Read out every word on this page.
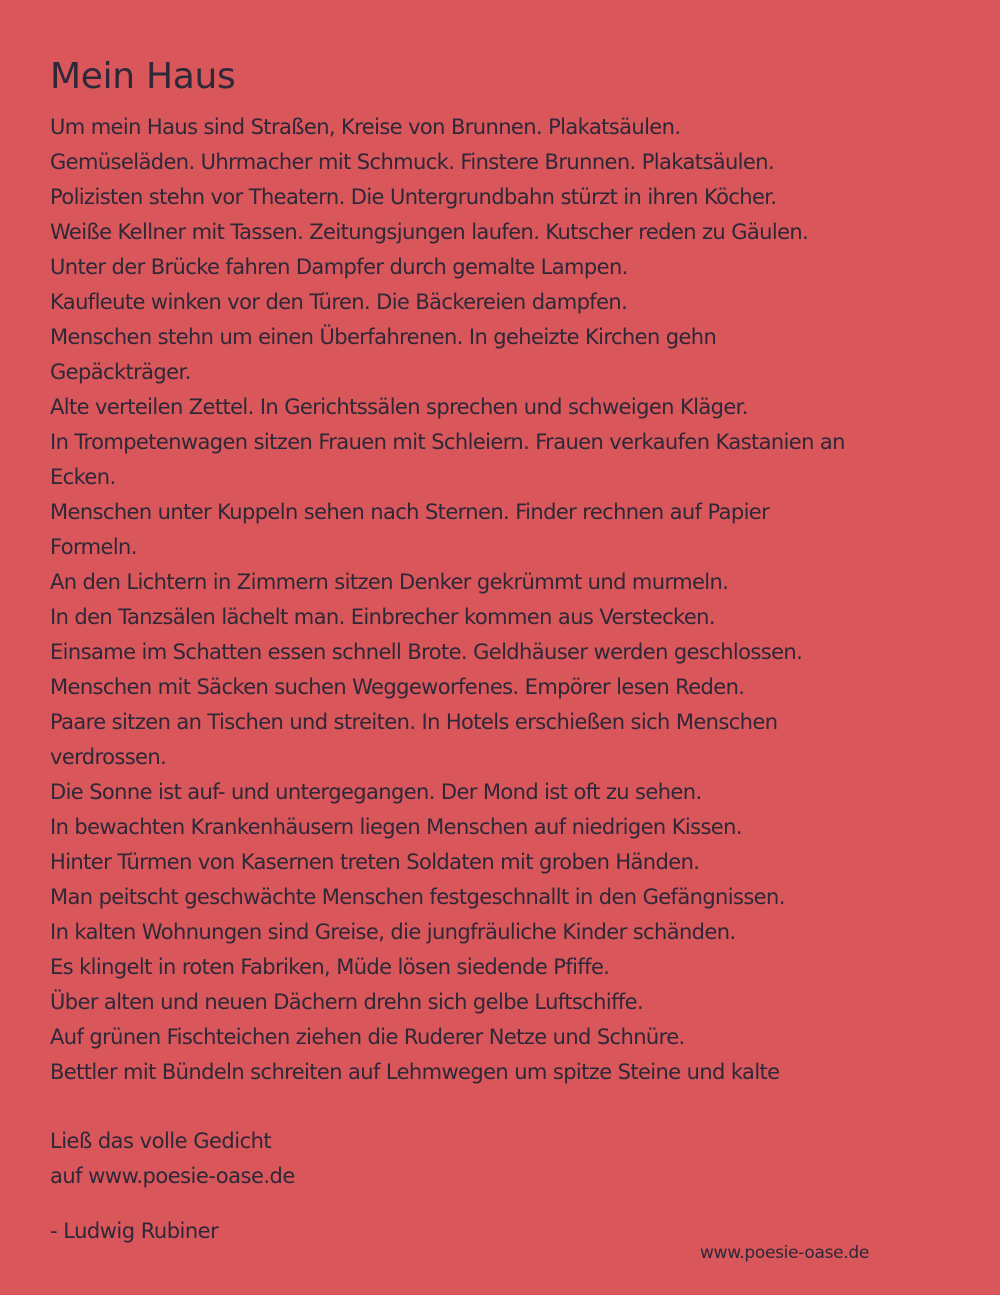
Mein Haus
Um mein Haus sind Straßen, Kreise von Brunnen. Plakatsäulen.
Gemüseläden. Uhrmacher mit Schmuck. Finstere Brunnen. Plakatsäulen.
Polizisten stehn vor Theatern. Die Untergrundbahn stürzt in ihren Köcher.
Weiße Kellner mit Tassen. Zeitungsjungen laufen. Kutscher reden zu Gäulen.
Unter der Brücke fahren Dampfer durch gemalte Lampen.
Kaufleute winken vor den Türen. Die Bäckereien dampfen.
Menschen stehn um einen Überfahrenen. In geheizte Kirchen gehn
Gepäckträger.
Alte verteilen Zettel. In Gerichtssälen sprechen und schweigen Kläger.
In Trompetenwagen sitzen Frauen mit Schleiern. Frauen verkaufen Kastanien an
Ecken.
Menschen unter Kuppeln sehen nach Sternen. Finder rechnen auf Papier
Formeln.
An den Lichtern in Zimmern sitzen Denker gekrümmt und murmeln.
In den Tanzsälen lächelt man. Einbrecher kommen aus Verstecken.
Einsame im Schatten essen schnell Brote. Geldhäuser werden geschlossen.
Menschen mit Säcken suchen Weggeworfenes. Empörer lesen Reden.
Paare sitzen an Tischen und streiten. In Hotels erschießen sich Menschen
verdrossen.
Die Sonne ist auf- und untergegangen. Der Mond ist oft zu sehen.
In bewachten Krankenhäusern liegen Menschen auf niedrigen Kissen.
Hinter Türmen von Kasernen treten Soldaten mit groben Händen.
Man peitscht geschwächte Menschen festgeschnallt in den Gefängnissen.
In kalten Wohnungen sind Greise, die jungfräuliche Kinder schänden.
Es klingelt in roten Fabriken, Müde lösen siedende Pfiffe.
Über alten und neuen Dächern drehn sich gelbe Luftschiffe.
Auf grünen Fischteichen ziehen die Ruderer Netze und Schnüre.
Bettler mit Bündeln schreiten auf Lehmwegen um spitze Steine und kalte
Ließ das volle Gedicht
auf www.poesie-oase.de
- Ludwig Rubiner
www.poesie-oase.de
